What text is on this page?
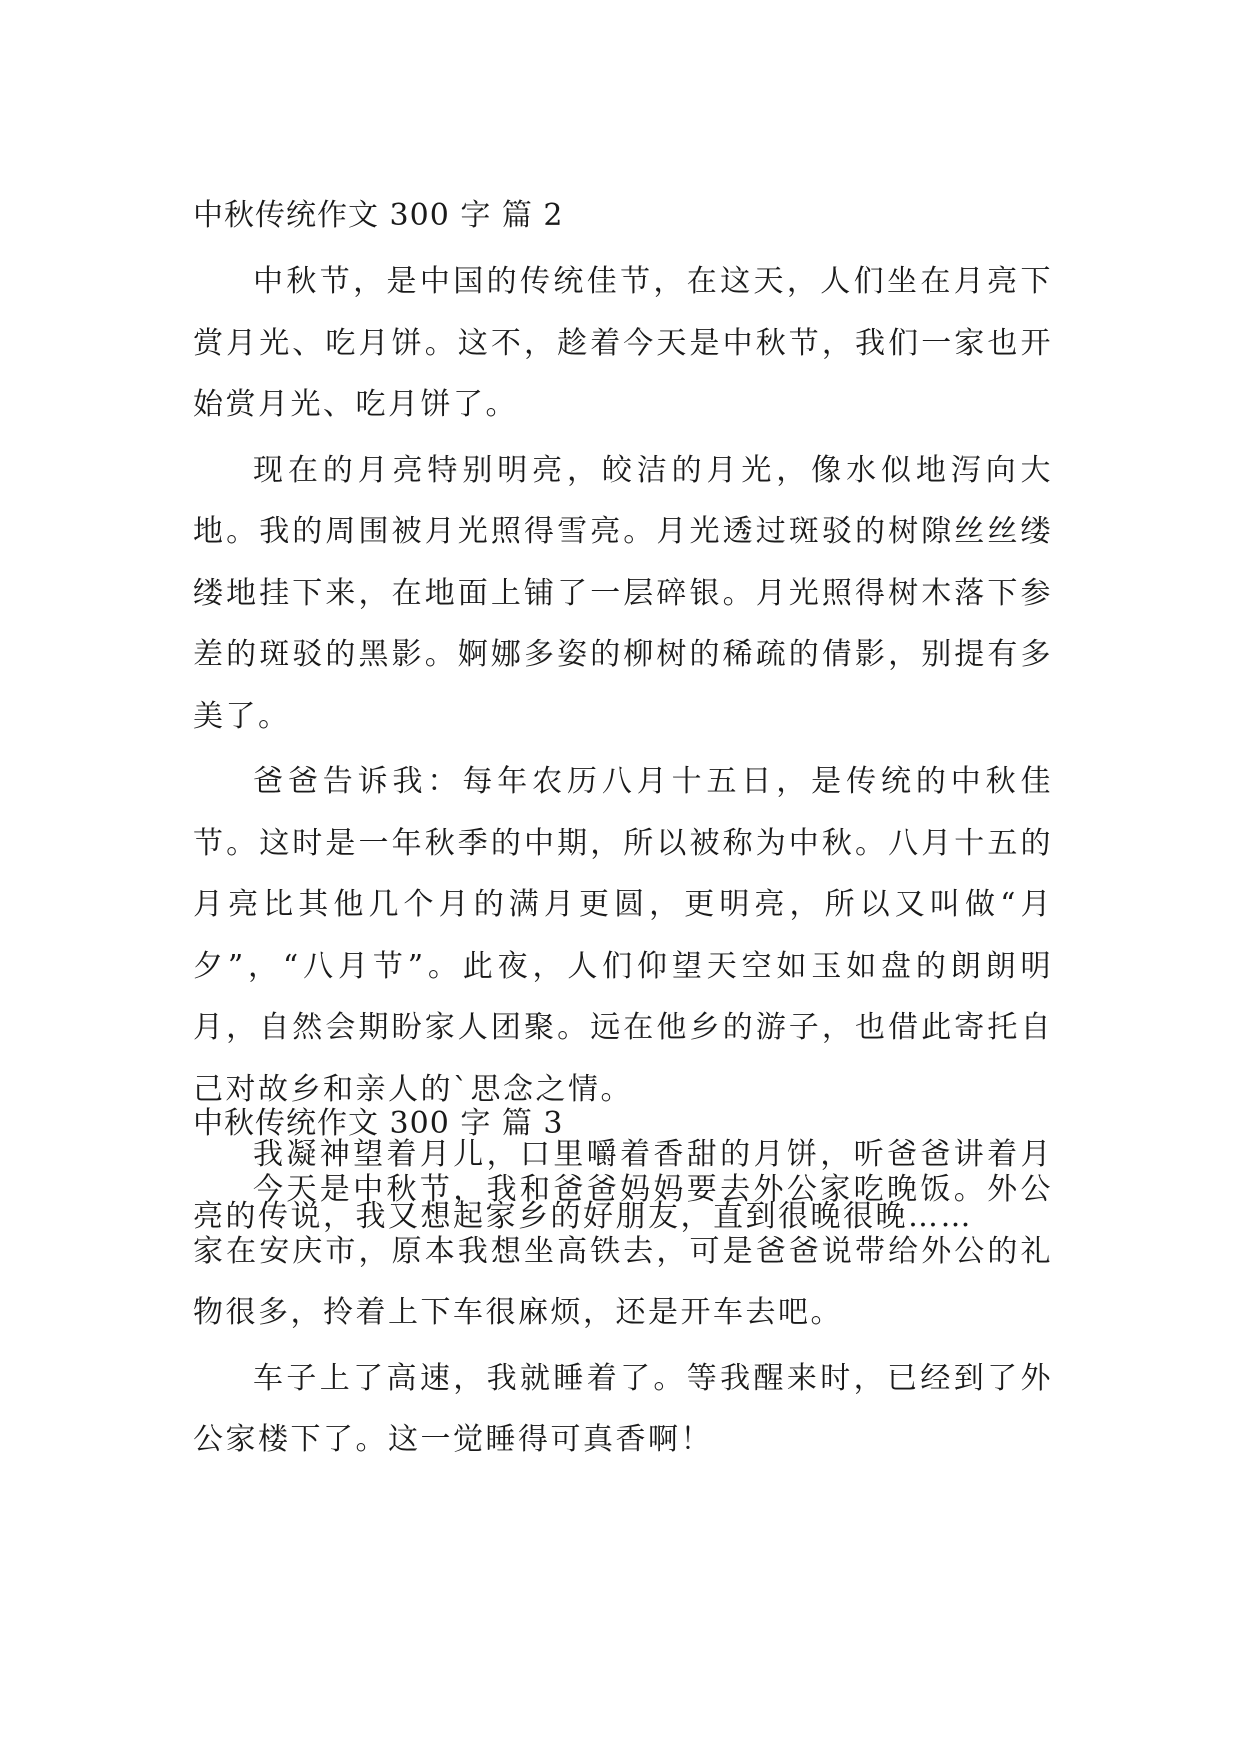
中秋传统作文 300 字 篇 2

中秋节，是中国的传统佳节，在这天，人们坐在月亮下赏月光、吃月饼。这不，趁着今天是中秋节，我们一家也开始赏月光、吃月饼了。

现在的月亮特别明亮，皎洁的月光，像水似地泻向大地。我的周围被月光照得雪亮。月光透过斑驳的树隙丝丝缕缕地挂下来，在地面上铺了一层碎银。月光照得树木落下参差的斑驳的黑影。婀娜多姿的柳树的稀疏的倩影，别提有多美了。

爸爸告诉我：每年农历八月十五日，是传统的中秋佳节。这时是一年秋季的中期，所以被称为中秋。八月十五的月亮比其他几个月的满月更圆，更明亮，所以又叫做“月夕”，“八月节”。此夜，人们仰望天空如玉如盘的朗朗明月，自然会期盼家人团聚。远在他乡的游子，也借此寄托自己对故乡和亲人的`思念之情。

我凝神望着月儿，口里嚼着香甜的月饼，听爸爸讲着月亮的传说，我又想起家乡的好朋友，直到很晚很晚……

中秋传统作文 300 字 篇 3

今天是中秋节，我和爸爸妈妈要去外公家吃晚饭。外公家在安庆市，原本我想坐高铁去，可是爸爸说带给外公的礼物很多，拎着上下车很麻烦，还是开车去吧。

车子上了高速，我就睡着了。等我醒来时，已经到了外公家楼下了。这一觉睡得可真香啊！
